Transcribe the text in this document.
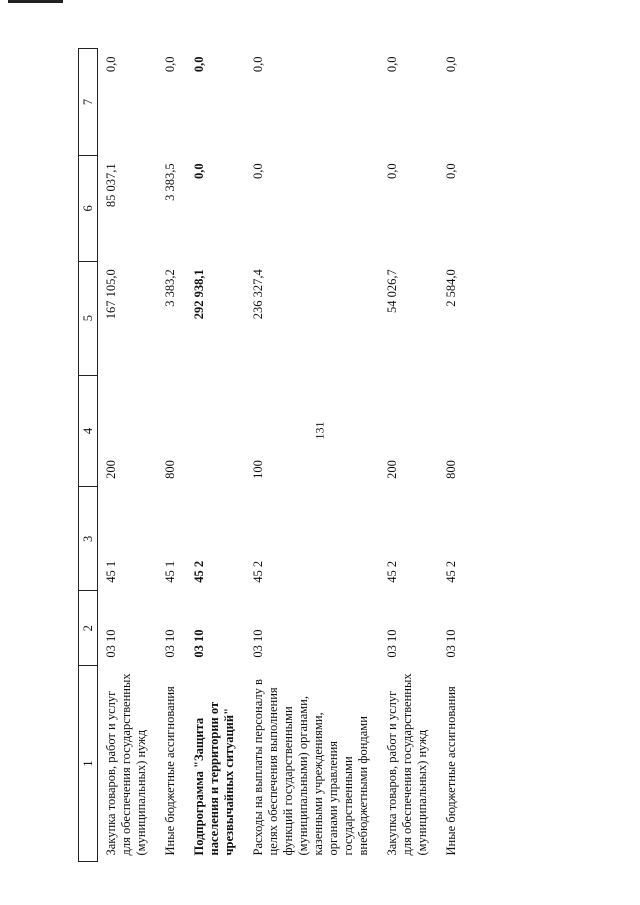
131
1	2	3	4	5	6	7
Закупка товаров, работ и услуг для обеспечения государственных (муниципальных) нужд	03 10	45 1	200	167 105,0	85 037,1	0,0
Иные бюджетные ассигнования	03 10	45 1	800	3 383,2	3 383,5	0,0
Подпрограмма "Защита населения и территории от чрезвычайных ситуаций"	03 10	45 2		292 938,1	0,0	0,0
Расходы на выплаты персоналу в целях обеспечения выполнения функций государственными (муниципальными) органами, казенными учреждениями, органами управления государственными внебюджетными фондами	03 10	45 2	100	236 327,4	0,0	0,0
Закупка товаров, работ и услуг для обеспечения государственных (муниципальных) нужд	03 10	45 2	200	54 026,7	0,0	0,0
Иные бюджетные ассигнования	03 10	45 2	800	2 584,0	0,0	0,0
